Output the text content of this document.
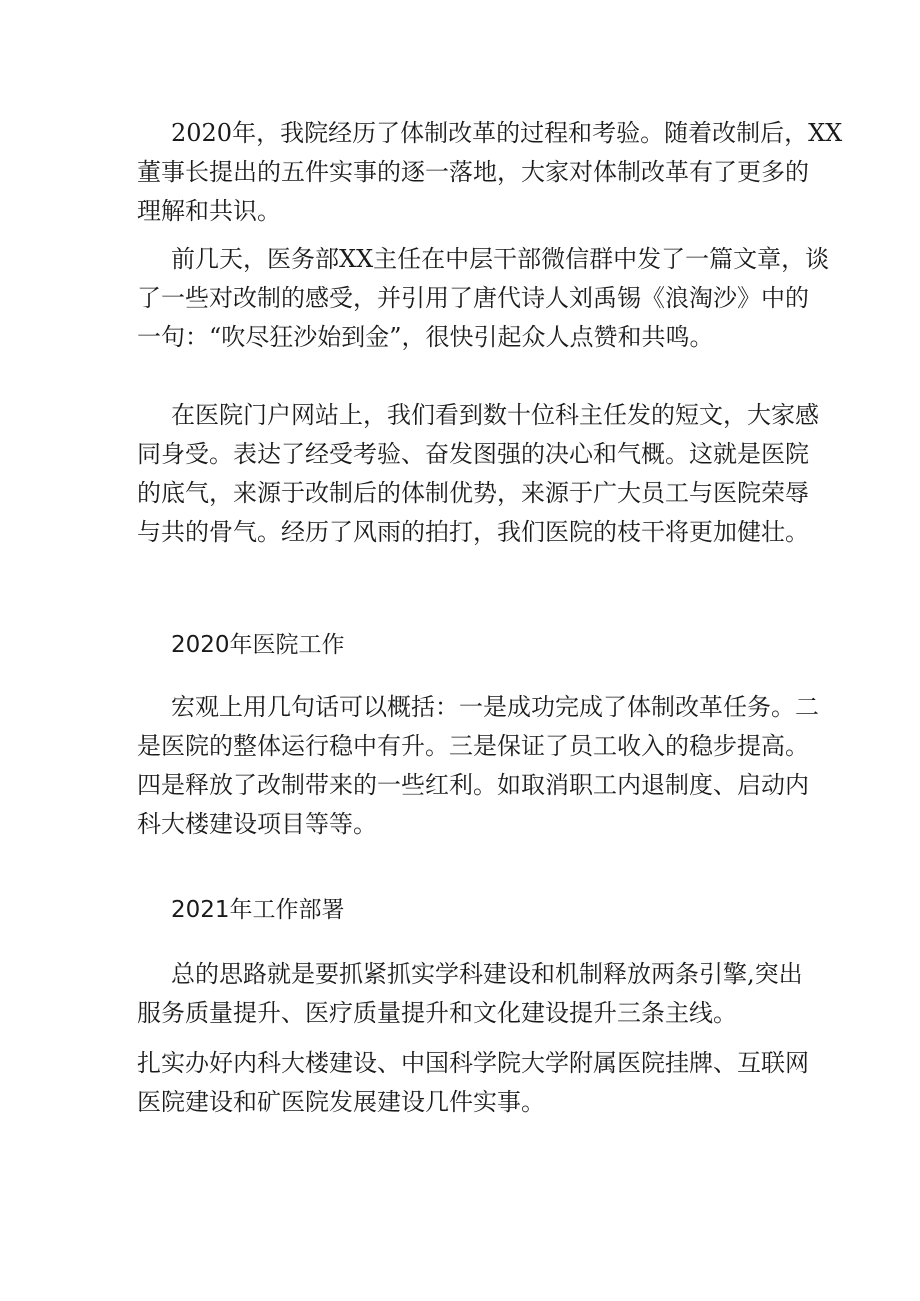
2020年，我院经历了体制改革的过程和考验。随着改制后，XX
董事长提出的五件实事的逐一落地，大家对体制改革有了更多的
理解和共识。
前几天，医务部XX主任在中层干部微信群中发了一篇文章，谈
了一些对改制的感受，并引用了唐代诗人刘禹锡《浪淘沙》中的
一句：“吹尽狂沙始到金”，很快引起众人点赞和共鸣。
在医院门户网站上，我们看到数十位科主任发的短文，大家感
同身受。表达了经受考验、奋发图强的决心和气概。这就是医院
的底气，来源于改制后的体制优势，来源于广大员工与医院荣辱
与共的骨气。经历了风雨的拍打，我们医院的枝干将更加健壮。
2020年医院工作
宏观上用几句话可以概括：一是成功完成了体制改革任务。二
是医院的整体运行稳中有升。三是保证了员工收入的稳步提高。
四是释放了改制带来的一些红利。如取消职工内退制度、启动内
科大楼建设项目等等。
2021年工作部署
总的思路就是要抓紧抓实学科建设和机制释放两条引擎,突出
服务质量提升、医疗质量提升和文化建设提升三条主线。
扎实办好内科大楼建设、中国科学院大学附属医院挂牌、互联网
医院建设和矿医院发展建设几件实事。
